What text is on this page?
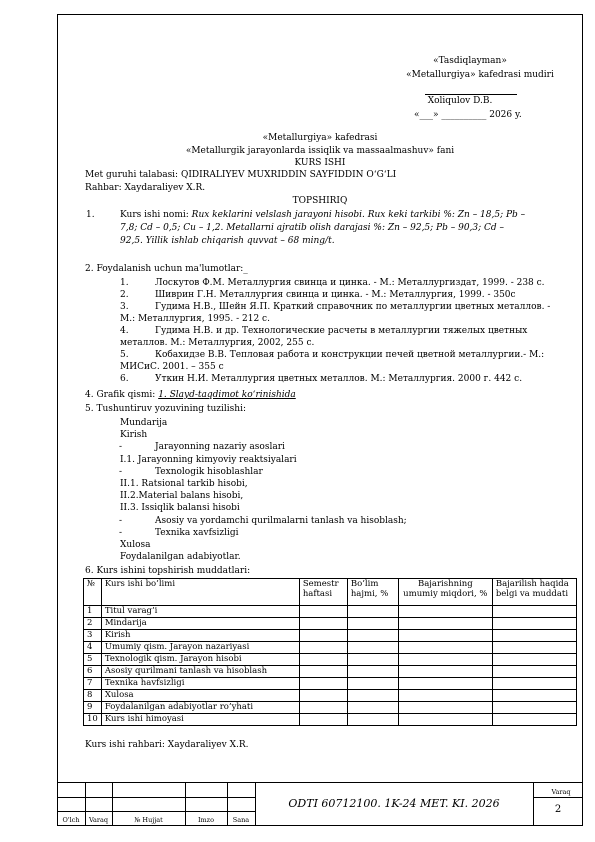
«Tasdiqlayman»
«Metallurgiya» kafedrasi mudiri
Xoliqulov D.B.
«___» __________ 2026 y.
«Metallurgiya» kafedrasi
«Metallurgik jarayonlarda issiqlik va massaalmashuv» fani
KURS ISHI
Met guruhi talabasi: QIDIRALIYEV MUXRIDDIN SAYFIDDIN O‘G‘LI
Rahbar: Xaydaraliyev X.R.
TOPSHIRIQ
1.	Kurs ishi nomi: Rux keklarini velslash jarayoni hisobi. Rux keki tarkibi %: Zn – 18,5; Pb –
7,8; Cd – 0,5; Cu – 1,2. Metallarni ajratib olish darajasi %: Zn – 92,5; Pb – 90,3; Cd –
92,5. Yillik ishlab chiqarish quvvat – 68 ming/t.
2. Foydalanish uchun ma'lumotlar:_
1.	Лоскутов Ф.М. Металлургия свинца и цинка. - М.: Металлургиздат, 1999. - 238 с.
2.	Шиврин Г.Н. Металлургия свинца и цинка. - М.: Металлургия, 1999. - 350с
3.	Гудима Н.В., Шейн Я.П. Краткий справочник по металлургии цветных металлов. -
М.: Металлургия, 1995. - 212 с.
4.	Гудима Н.В. и др. Технологические расчеты в металлургии тяжелых цветных
металлов. М.: Металлургия, 2002, 255 с.
5.	Кобахидзе В.В. Тепловая работа и конструкции печей цветной металлургии.- М.:
МИСиС. 2001. – 355 с
6.	Уткин Н.И. Металлургия цветных металлов. М.: Металлургия. 2000 г. 442 с.
4. Grafik qismi: 1. Slayd-taqdimot ko‘rinishida
5. Tushuntiruv yozuvining tuzilishi:
Mundarija
Kirish
-	Jarayonning nazariy asoslari
I.1. Jarayonning kimyoviy reaktsiyalari
-	Texnologik hisoblashlar
II.1. Ratsional tarkib hisobi,
II.2.Material balans hisobi,
II.3. Issiqlik balansi hisobi
-	Asosiy va yordamchi qurilmalarni tanlash va hisoblash;
-	Texnika xavfsizligi
Xulosa
Foydalanilgan adabiyotlar.
6. Kurs ishini topshirish muddatlari:
№	Kurs ishi bo’limi	Semestr haftasi	Bo’lim hajmi, %	Bajarishning umumiy miqdori, %	Bajarilish haqida belgi va muddati
1	Titul varag’i				
2	Mindarija				
3	Kirish				
4	Umumiy qism. Jarayon nazariyasi				
5	Texnologik qism. Jarayon hisobi				
6	Asosiy qurilmani tanlash va hisoblash				
7	Texnika havfsizligi				
8	Xulosa				
9	Foydalanilgan adabiyotlar ro’yhati				
10	Kurs ishi himoyasi				
Kurs ishi rahbari: Xaydaraliyev X.R.
O'lch	Varaq	№ Hujjat	Imzo	Sana
ODTI 60712100. 1K-24 MET. KI. 2026
Varaq
2
